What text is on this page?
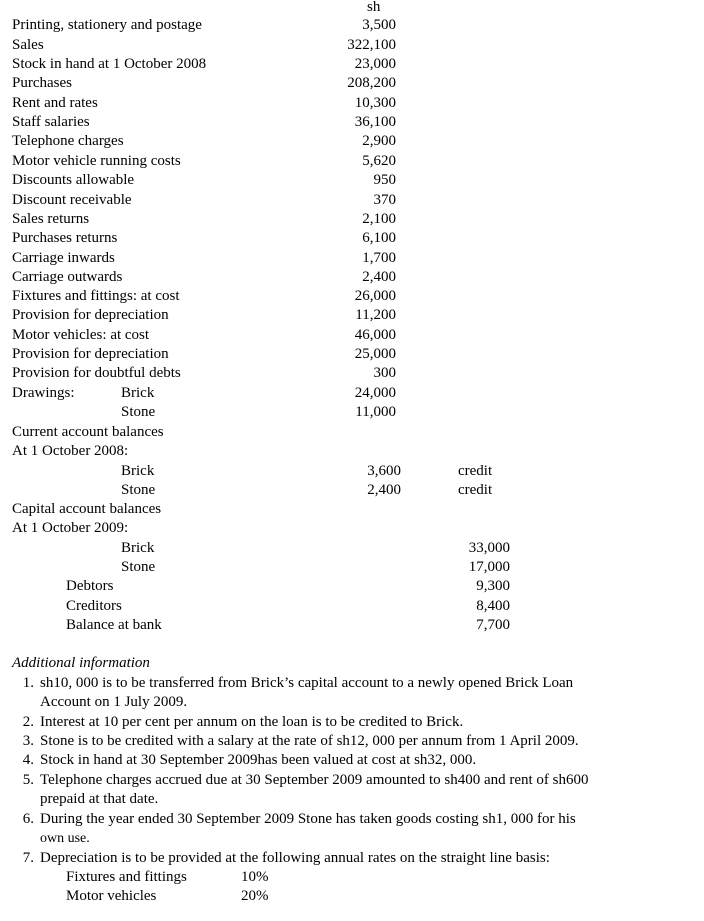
sh
Printing, stationery and postage	3,500
Sales	322,100
Stock in hand at 1 October 2008	23,000
Purchases	208,200
Rent and rates	10,300
Staff salaries	36,100
Telephone charges	2,900
Motor vehicle running costs	5,620
Discounts allowable	950
Discount receivable	370
Sales returns	2,100
Purchases returns	6,100
Carriage inwards	1,700
Carriage outwards	2,400
Fixtures and fittings: at cost	26,000
Provision for depreciation	11,200
Motor vehicles: at cost	46,000
Provision for depreciation	25,000
Provision for doubtful debts	300
Drawings:	Brick	24,000
Stone	11,000
Current account balances
At 1 October 2008:
Brick	3,600	credit
Stone	2,400	credit
Capital account balances
At 1 October 2009:
Brick	33,000
Stone	17,000
Debtors	9,300
Creditors	8,400
Balance at bank	7,700
Additional information
1. sh10, 000 is to be transferred from Brick’s capital account to a newly opened Brick Loan
Account on 1 July 2009.
2. Interest at 10 per cent per annum on the loan is to be credited to Brick.
3. Stone is to be credited with a salary at the rate of sh12, 000 per annum from 1 April 2009.
4. Stock in hand at 30 September 2009has been valued at cost at sh32, 000.
5. Telephone charges accrued due at 30 September 2009 amounted to sh400 and rent of sh600
prepaid at that date.
6. During the year ended 30 September 2009 Stone has taken goods costing sh1, 000 for his
own use.
7. Depreciation is to be provided at the following annual rates on the straight line basis:
Fixtures and fittings	10%
Motor vehicles	20%
